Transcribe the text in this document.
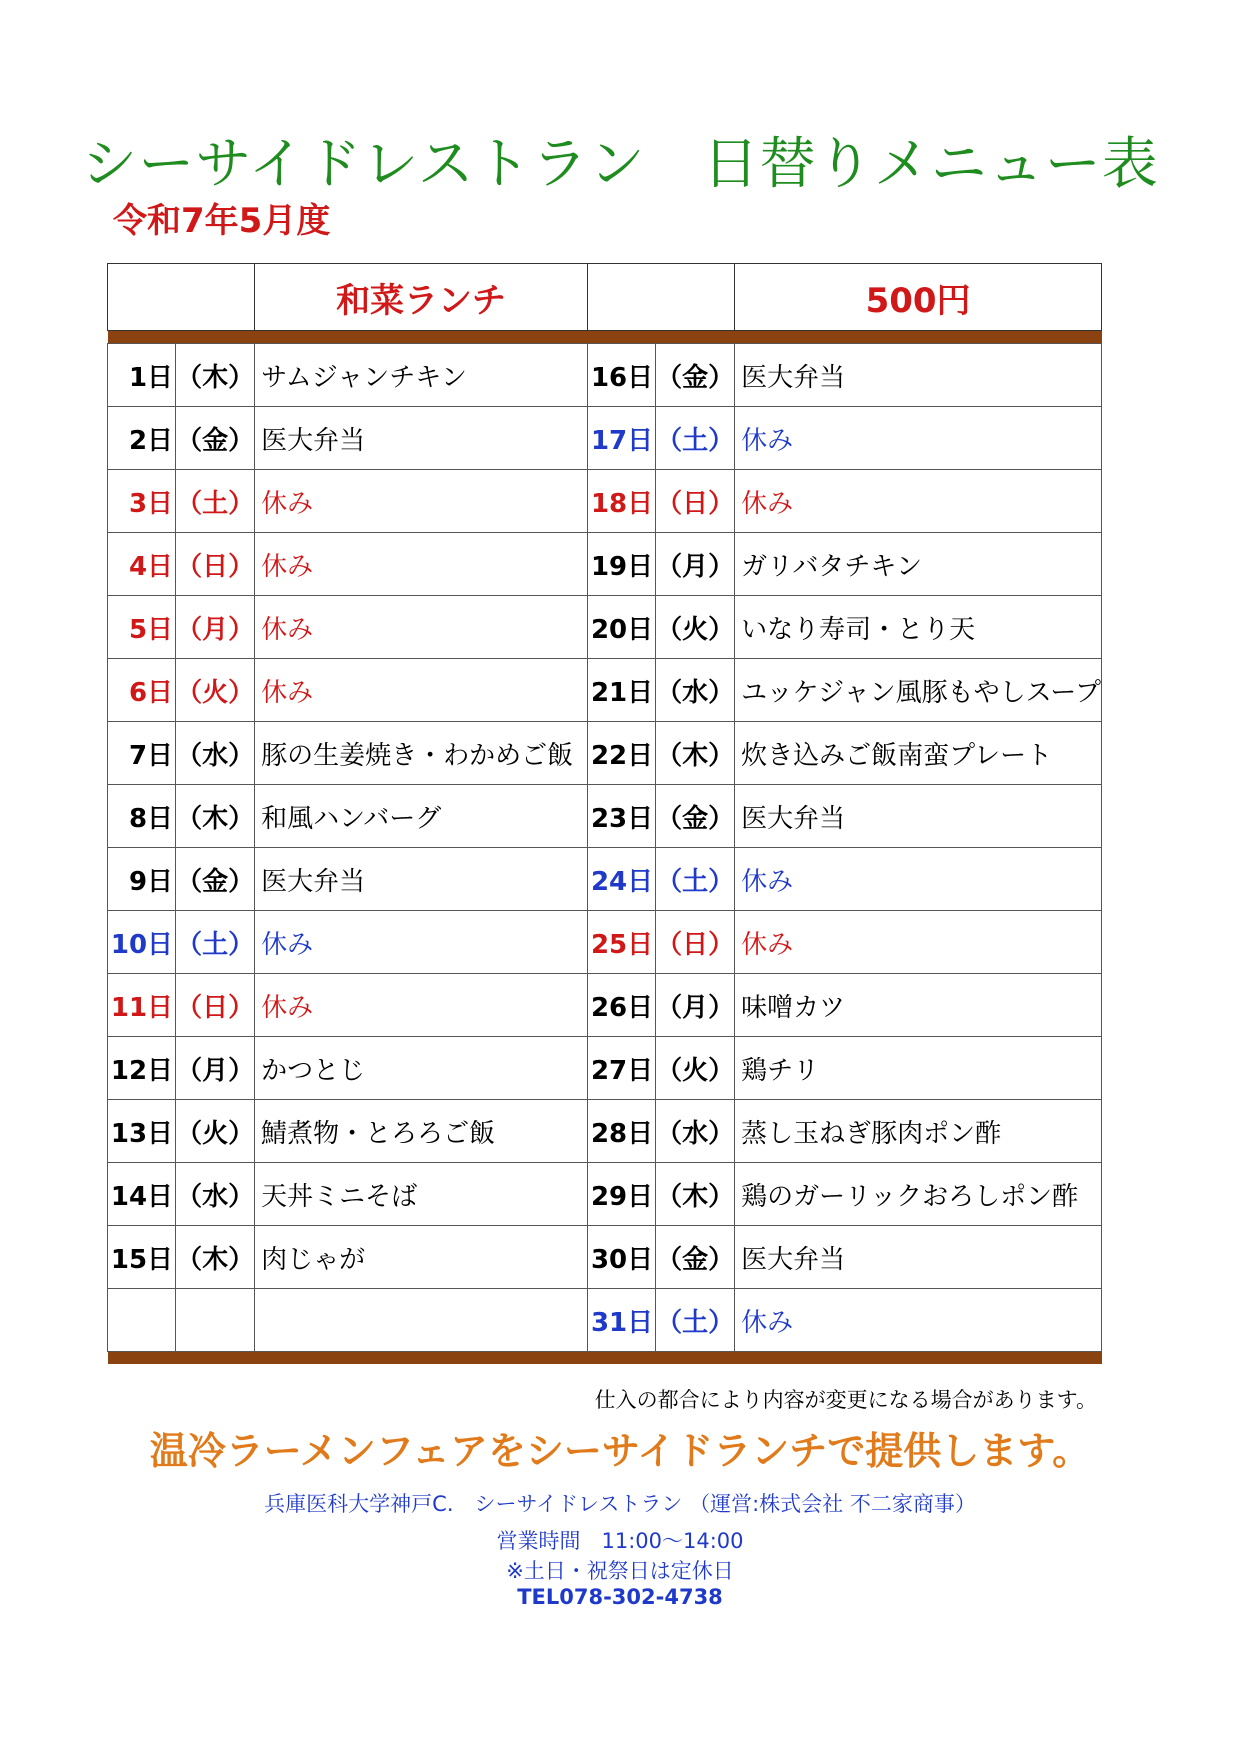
シーサイドレストラン　日替りメニュー表
令和7年5月度
		和菜ランチ			500円

1日	（木）	サムジャンチキン	16日	（金）	医大弁当
2日	（金）	医大弁当	17日	（土）	休み
3日	（土）	休み	18日	（日）	休み
4日	（日）	休み	19日	（月）	ガリバタチキン
5日	（月）	休み	20日	（火）	いなり寿司・とり天
6日	（火）	休み	21日	（水）	ユッケジャン風豚もやしスープ
7日	（水）	豚の生姜焼き・わかめご飯	22日	（木）	炊き込みご飯南蛮プレート
8日	（木）	和風ハンバーグ	23日	（金）	医大弁当
9日	（金）	医大弁当	24日	（土）	休み
10日	（土）	休み	25日	（日）	休み
11日	（日）	休み	26日	（月）	味噌カツ
12日	（月）	かつとじ	27日	（火）	鶏チリ
13日	（火）	鯖煮物・とろろご飯	28日	（水）	蒸し玉ねぎ豚肉ポン酢
14日	（水）	天丼ミニそば	29日	（木）	鶏のガーリックおろしポン酢
15日	（木）	肉じゃが	30日	（金）	医大弁当
			31日	（土）	休み

仕入の都合により内容が変更になる場合があります。
温冷ラーメンフェアをシーサイドランチで提供します。
兵庫医科大学神戸C.　シーサイドレストラン （運営:株式会社 不二家商事）
営業時間　11:00～14:00
※土日・祝祭日は定休日
TEL078-302-4738
